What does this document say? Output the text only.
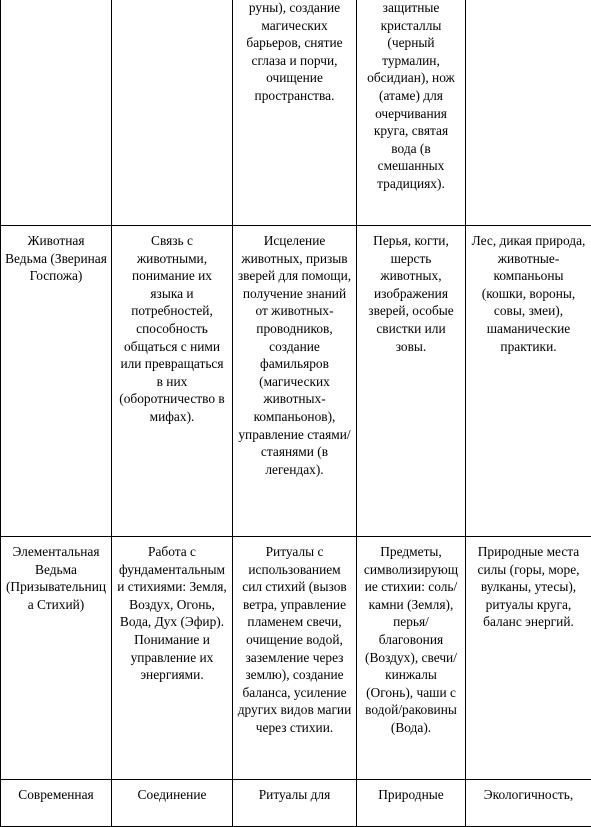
		руны), создание магических барьеров, снятие сглаза и порчи, очищение пространства.	защитные кристаллы (черный турмалин, обсидиан), нож (атаме) для очерчивания круга, святая вода (в смешанных традициях).	

Животная Ведьма (Звериная Госпожа)	Связь с животными, понимание их языка и потребностей, способность общаться с ними или превращаться в них (оборотничество в мифах).	Исцеление животных, призыв зверей для помощи, получение знаний от животных-проводников, создание фамильяров (магических животных-компаньонов), управление стаями/стаянями (в легендах).	Перья, когти, шерсть животных, изображения зверей, особые свистки или зовы.	Лес, дикая природа, животные-компаньоны (кошки, вороны, совы, змеи), шаманические практики.

Элементальная Ведьма (Призывательница Стихий)	Работа с фундаментальными стихиями: Земля, Воздух, Огонь, Вода, Дух (Эфир). Понимание и управление их энергиями.	Ритуалы с использованием сил стихий (вызов ветра, управление пламенем свечи, очищение водой, заземление через землю), создание баланса, усиление других видов магии через стихии.	Предметы, символизирующие стихии: соль/камни (Земля), перья/благовония (Воздух), свечи/кинжалы (Огонь), чаши с водой/раковины (Вода).	Природные места силы (горы, море, вулканы, утесы), ритуалы круга, баланс энергий.

Современная	Соединение	Ритуалы для	Природные	Экологичность,
